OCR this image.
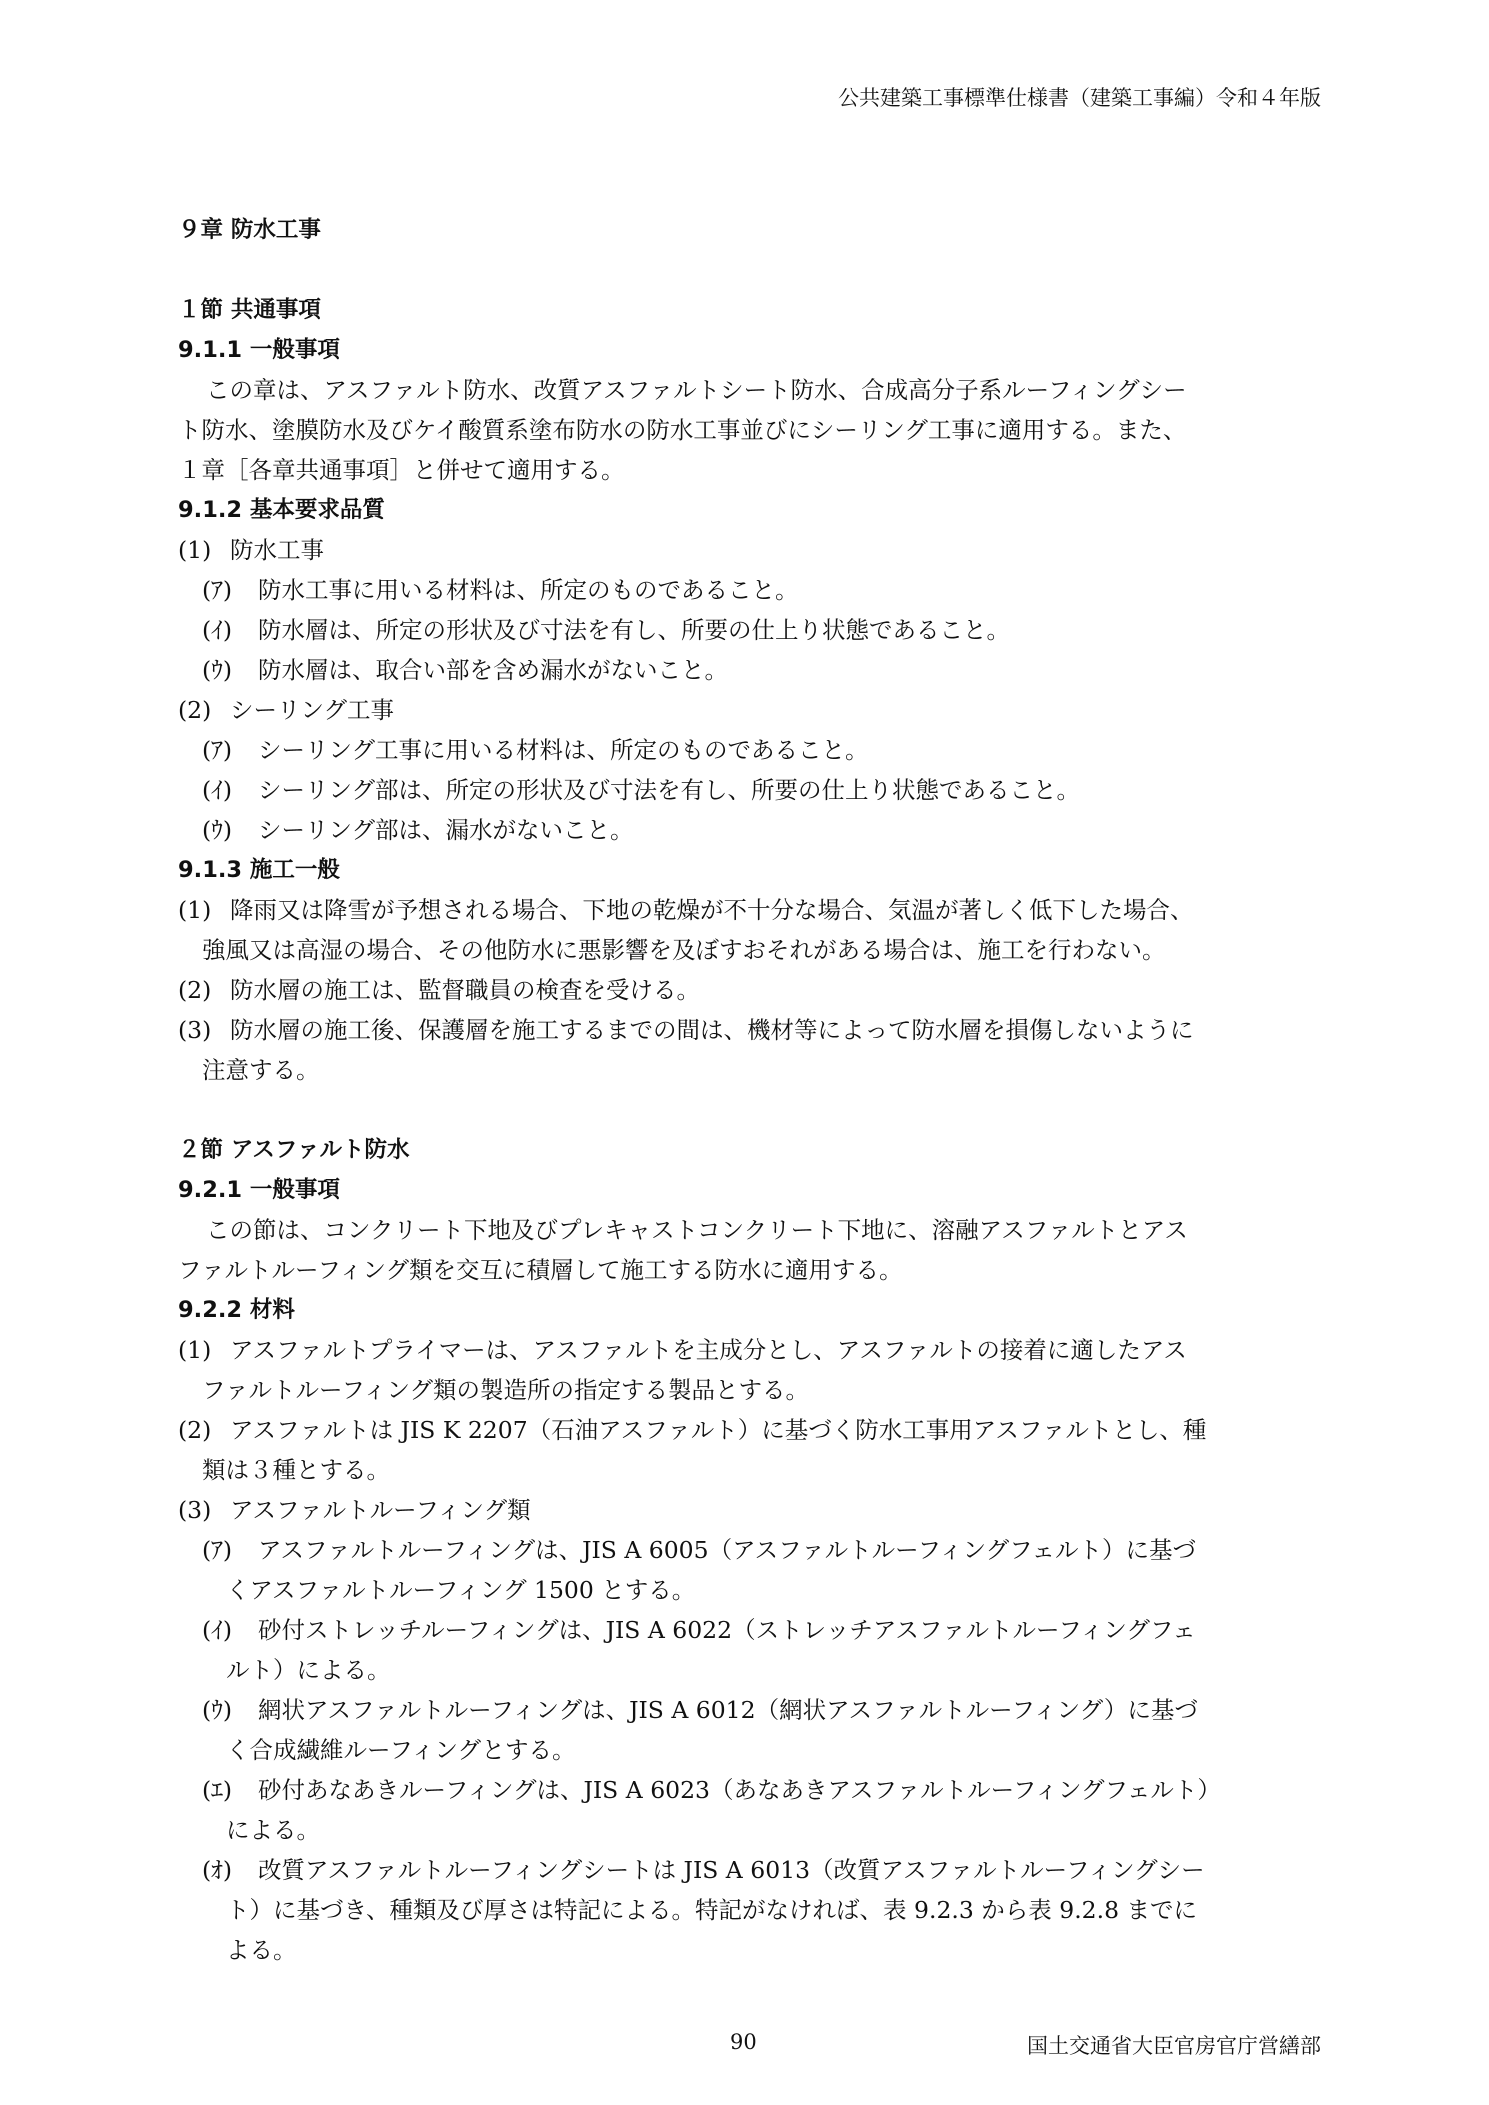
公共建築工事標準仕様書（建築工事編）令和４年版
９章 防水工事
１節 共通事項
9.1.1 一般事項
この章は、アスファルト防水、改質アスファルトシート防水、合成高分子系ルーフィングシー
ト防水、塗膜防水及びケイ酸質系塗布防水の防水工事並びにシーリング工事に適用する。また、
１章［各章共通事項］と併せて適用する。
9.1.2 基本要求品質
(1) 防水工事
(ｱ) 防水工事に用いる材料は、所定のものであること。
(ｲ) 防水層は、所定の形状及び寸法を有し、所要の仕上り状態であること。
(ｳ) 防水層は、取合い部を含め漏水がないこと。
(2) シーリング工事
(ｱ) シーリング工事に用いる材料は、所定のものであること。
(ｲ) シーリング部は、所定の形状及び寸法を有し、所要の仕上り状態であること。
(ｳ) シーリング部は、漏水がないこと。
9.1.3 施工一般
(1) 降雨又は降雪が予想される場合、下地の乾燥が不十分な場合、気温が著しく低下した場合、
強風又は高湿の場合、その他防水に悪影響を及ぼすおそれがある場合は、施工を行わない。
(2) 防水層の施工は、監督職員の検査を受ける。
(3) 防水層の施工後、保護層を施工するまでの間は、機材等によって防水層を損傷しないように
注意する。
２節 アスファルト防水
9.2.1 一般事項
この節は、コンクリート下地及びプレキャストコンクリート下地に、溶融アスファルトとアス
ファルトルーフィング類を交互に積層して施工する防水に適用する。
9.2.2 材料
(1) アスファルトプライマーは、アスファルトを主成分とし、アスファルトの接着に適したアス
ファルトルーフィング類の製造所の指定する製品とする。
(2) アスファルトは JIS K 2207（石油アスファルト）に基づく防水工事用アスファルトとし、種
類は３種とする。
(3) アスファルトルーフィング類
(ｱ) アスファルトルーフィングは、JIS A 6005（アスファルトルーフィングフェルト）に基づ
くアスファルトルーフィング 1500 とする。
(ｲ) 砂付ストレッチルーフィングは、JIS A 6022（ストレッチアスファルトルーフィングフェ
ルト）による。
(ｳ) 網状アスファルトルーフィングは、JIS A 6012（網状アスファルトルーフィング）に基づ
く合成繊維ルーフィングとする。
(ｴ) 砂付あなあきルーフィングは、JIS A 6023（あなあきアスファルトルーフィングフェルト）
による。
(ｵ) 改質アスファルトルーフィングシートは JIS A 6013（改質アスファルトルーフィングシー
ト）に基づき、種類及び厚さは特記による。特記がなければ、表 9.2.3 から表 9.2.8 までに
よる。
90	国土交通省大臣官房官庁営繕部
